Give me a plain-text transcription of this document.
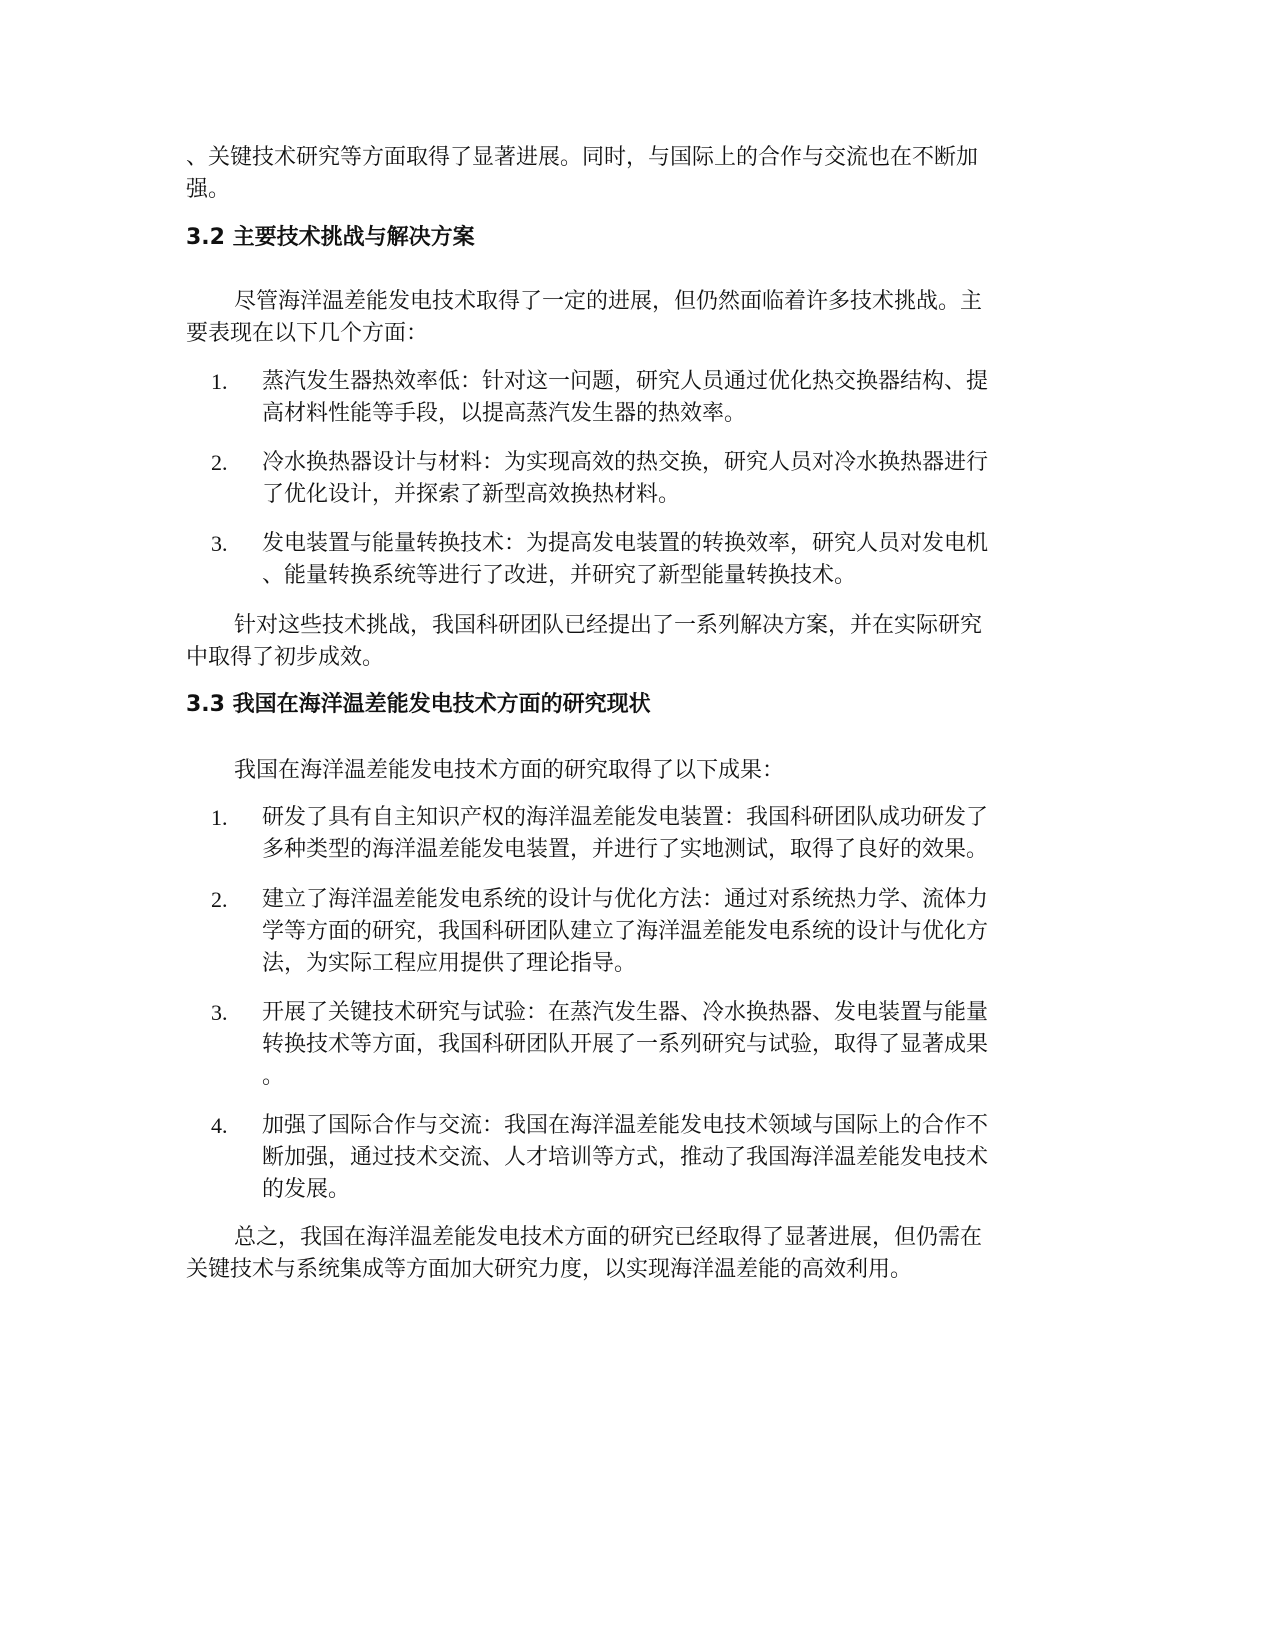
、关键技术研究等方面取得了显著进展。同时，与国际上的合作与交流也在不断加
强。

3.2 主要技术挑战与解决方案

尽管海洋温差能发电技术取得了一定的进展，但仍然面临着许多技术挑战。主
要表现在以下几个方面：

1. 蒸汽发生器热效率低：针对这一问题，研究人员通过优化热交换器结构、提
高材料性能等手段，以提高蒸汽发生器的热效率。
2. 冷水换热器设计与材料：为实现高效的热交换，研究人员对冷水换热器进行
了优化设计，并探索了新型高效换热材料。
3. 发电装置与能量转换技术：为提高发电装置的转换效率，研究人员对发电机
、能量转换系统等进行了改进，并研究了新型能量转换技术。

针对这些技术挑战，我国科研团队已经提出了一系列解决方案，并在实际研究
中取得了初步成效。

3.3 我国在海洋温差能发电技术方面的研究现状

我国在海洋温差能发电技术方面的研究取得了以下成果：

1. 研发了具有自主知识产权的海洋温差能发电装置：我国科研团队成功研发了
多种类型的海洋温差能发电装置，并进行了实地测试，取得了良好的效果。
2. 建立了海洋温差能发电系统的设计与优化方法：通过对系统热力学、流体力
学等方面的研究，我国科研团队建立了海洋温差能发电系统的设计与优化方
法，为实际工程应用提供了理论指导。
3. 开展了关键技术研究与试验：在蒸汽发生器、冷水换热器、发电装置与能量
转换技术等方面，我国科研团队开展了一系列研究与试验，取得了显著成果
。
4. 加强了国际合作与交流：我国在海洋温差能发电技术领域与国际上的合作不
断加强，通过技术交流、人才培训等方式，推动了我国海洋温差能发电技术
的发展。

总之，我国在海洋温差能发电技术方面的研究已经取得了显著进展，但仍需在
关键技术与系统集成等方面加大研究力度，以实现海洋温差能的高效利用。
